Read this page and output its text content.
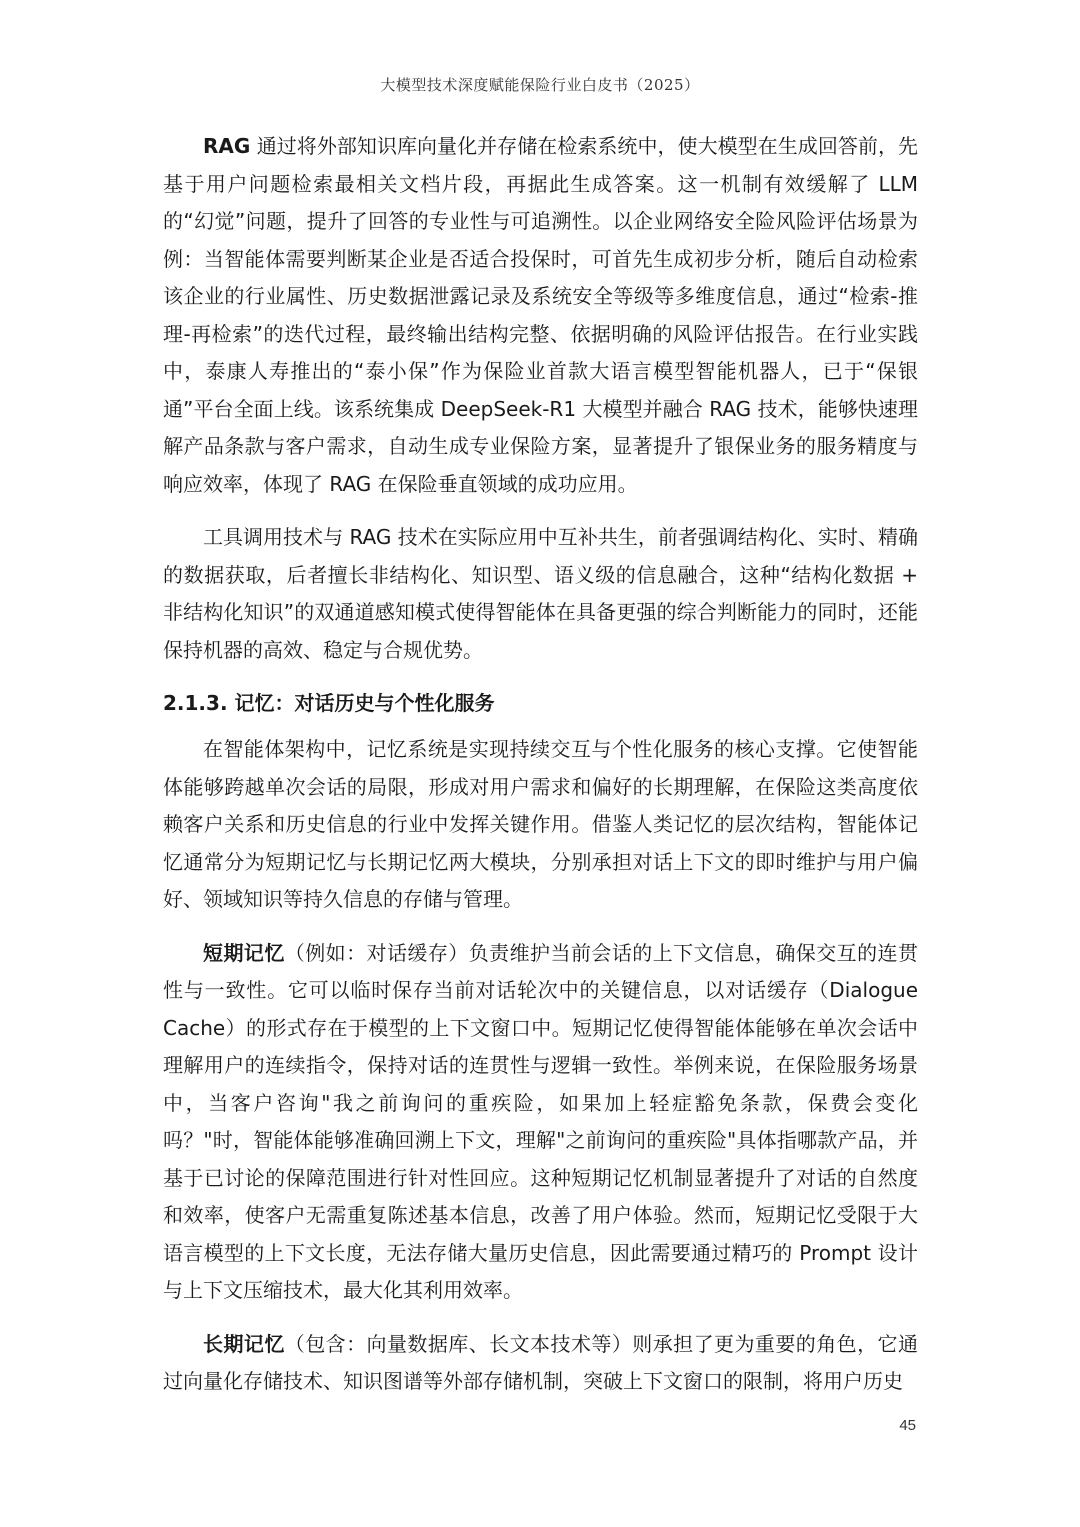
大模型技术深度赋能保险行业白皮书（2025）

RAG 通过将外部知识库向量化并存储在检索系统中，使大模型在生成回答前，先基于用户问题检索最相关文档片段，再据此生成答案。这一机制有效缓解了 LLM 的“幻觉”问题，提升了回答的专业性与可追溯性。以企业网络安全险风险评估场景为例：当智能体需要判断某企业是否适合投保时，可首先生成初步分析，随后自动检索该企业的行业属性、历史数据泄露记录及系统安全等级等多维度信息，通过“检索-推理-再检索”的迭代过程，最终输出结构完整、依据明确的风险评估报告。在行业实践中，泰康人寿推出的“泰小保”作为保险业首款大语言模型智能机器人，已于“保银通”平台全面上线。该系统集成 DeepSeek-R1 大模型并融合 RAG 技术，能够快速理解产品条款与客户需求，自动生成专业保险方案，显著提升了银保业务的服务精度与响应效率，体现了 RAG 在保险垂直领域的成功应用。

工具调用技术与 RAG 技术在实际应用中互补共生，前者强调结构化、实时、精确的数据获取，后者擅长非结构化、知识型、语义级的信息融合，这种“结构化数据 + 非结构化知识”的双通道感知模式使得智能体在具备更强的综合判断能力的同时，还能保持机器的高效、稳定与合规优势。

2.1.3. 记忆：对话历史与个性化服务

在智能体架构中，记忆系统是实现持续交互与个性化服务的核心支撑。它使智能体能够跨越单次会话的局限，形成对用户需求和偏好的长期理解，在保险这类高度依赖客户关系和历史信息的行业中发挥关键作用。借鉴人类记忆的层次结构，智能体记忆通常分为短期记忆与长期记忆两大模块，分别承担对话上下文的即时维护与用户偏好、领域知识等持久信息的存储与管理。

短期记忆（例如：对话缓存）负责维护当前会话的上下文信息，确保交互的连贯性与一致性。它可以临时保存当前对话轮次中的关键信息，以对话缓存（Dialogue Cache）的形式存在于模型的上下文窗口中。短期记忆使得智能体能够在单次会话中理解用户的连续指令，保持对话的连贯性与逻辑一致性。举例来说，在保险服务场景中，当客户咨询"我之前询问的重疾险，如果加上轻症豁免条款，保费会变化吗？"时，智能体能够准确回溯上下文，理解"之前询问的重疾险"具体指哪款产品，并基于已讨论的保障范围进行针对性回应。这种短期记忆机制显著提升了对话的自然度和效率，使客户无需重复陈述基本信息，改善了用户体验。然而，短期记忆受限于大语言模型的上下文长度，无法存储大量历史信息，因此需要通过精巧的 Prompt 设计与上下文压缩技术，最大化其利用效率。

长期记忆（包含：向量数据库、长文本技术等）则承担了更为重要的角色，它通过向量化存储技术、知识图谱等外部存储机制，突破上下文窗口的限制，将用户历史

45
